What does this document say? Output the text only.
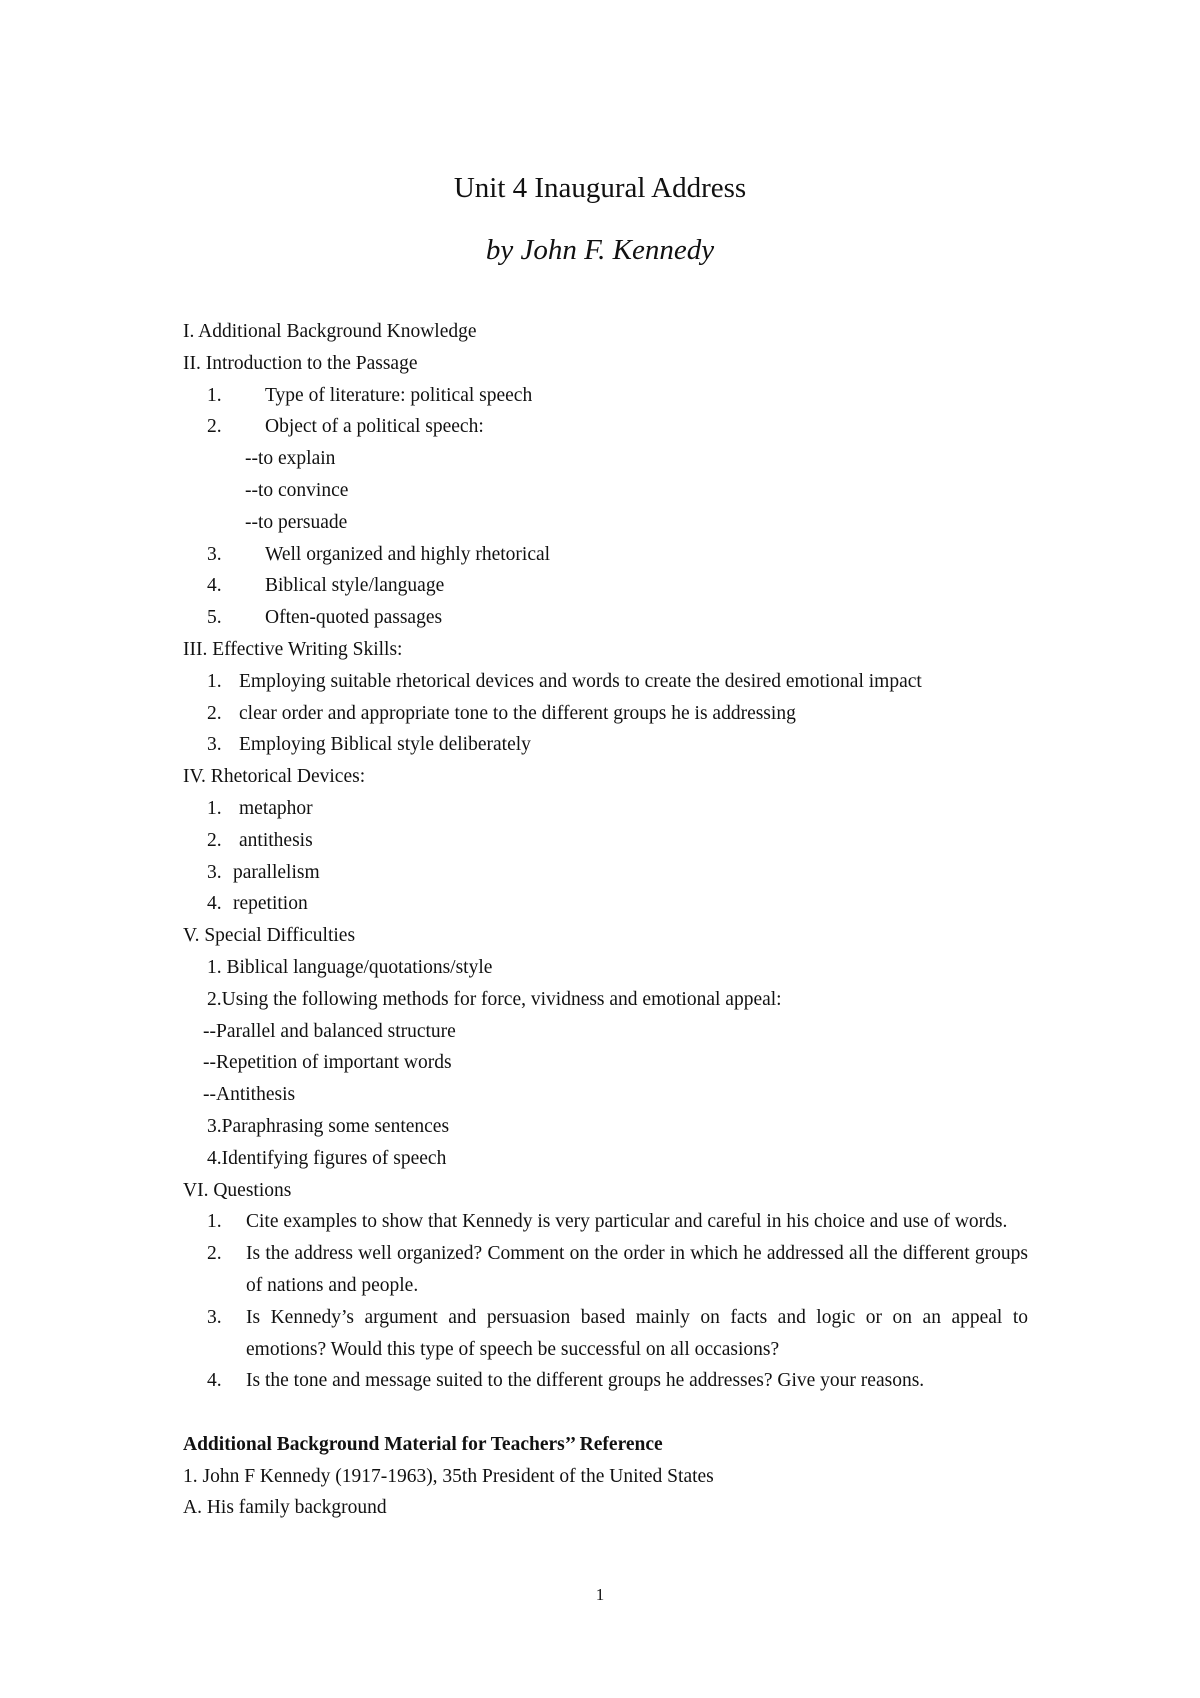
Unit 4 Inaugural Address
by John F. Kennedy

I. Additional Background Knowledge

II. Introduction to the Passage

1.	Type of literature: political speech
2.	Object of a political speech:

--to explain

--to convince

--to persuade

3.	Well organized and highly rhetorical
4.	Biblical style/language
5.	Often-quoted passages

III. Effective Writing Skills:

1. Employing suitable rhetorical devices and words to create the desired emotional impact
2. clear order and appropriate tone to the different groups he is addressing
3. Employing Biblical style deliberately

IV. Rhetorical Devices:

1. metaphor
2. antithesis
3. parallelism
4. repetition

V. Special Difficulties

1. Biblical language/quotations/style

2.Using the following methods for force, vividness and emotional appeal:

--Parallel and balanced structure

--Repetition of important words

--Antithesis

3.Paraphrasing some sentences

4.Identifying figures of speech

VI. Questions

1.	Cite examples to show that Kennedy is very particular and careful in his choice and use of words.
2.	Is the address well organized? Comment on the order in which he addressed all the different groups of nations and people.
3.	Is Kennedy’s argument and persuasion based mainly on facts and logic or on an appeal to emotions? Would this type of speech be successful on all occasions?
4.	Is the tone and message suited to the different groups he addresses? Give your reasons.

Additional Background Material for Teachers’’ Reference

1. John F Kennedy (1917-1963), 35th President of the United States

A. His family background

1
